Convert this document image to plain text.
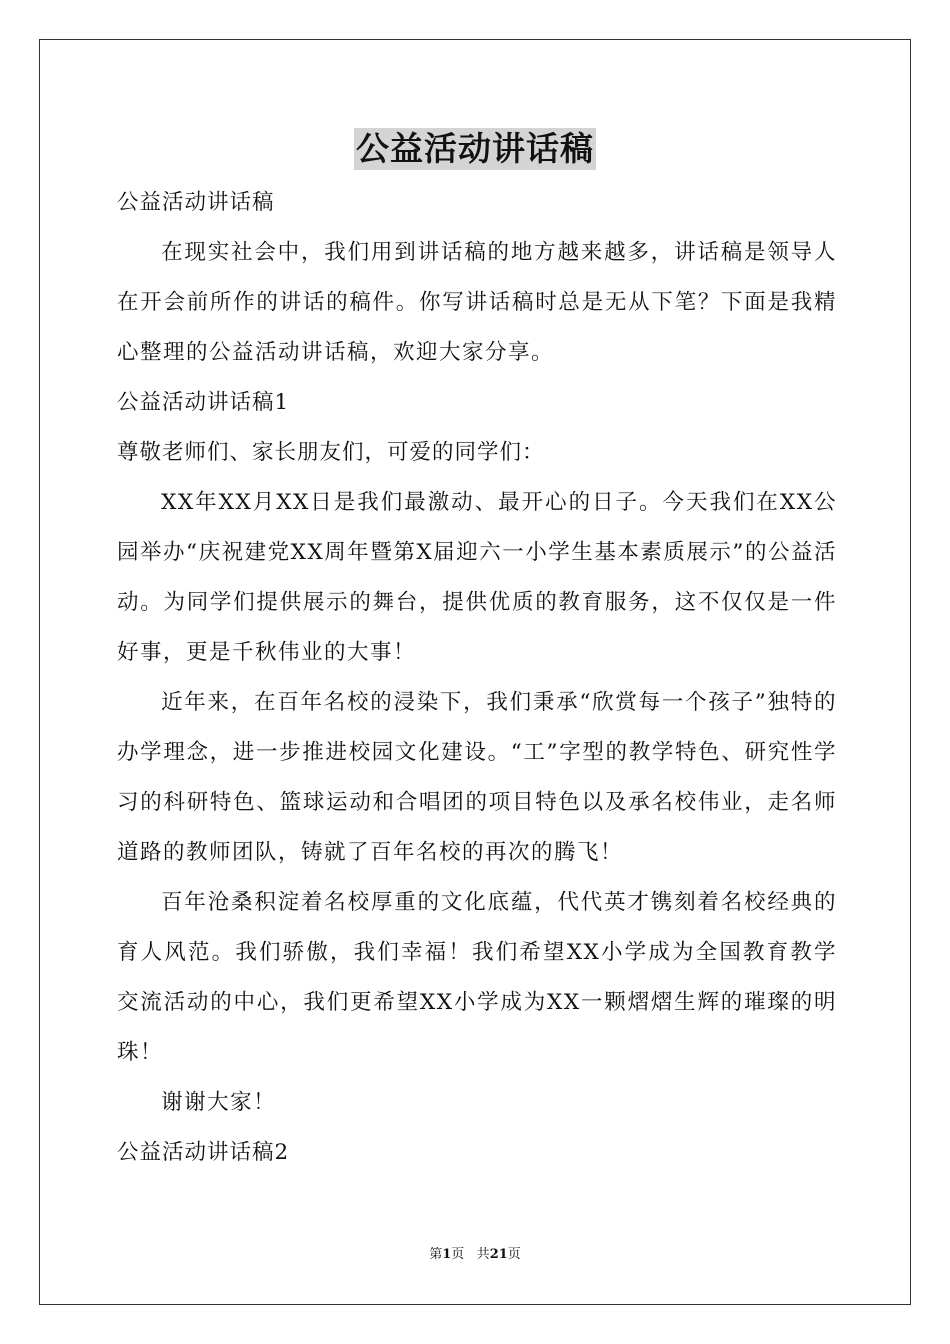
公益活动讲话稿

公益活动讲话稿

在现实社会中，我们用到讲话稿的地方越来越多，讲话稿是领导人在开会前所作的讲话的稿件。你写讲话稿时总是无从下笔？下面是我精心整理的公益活动讲话稿，欢迎大家分享。

公益活动讲话稿1

尊敬老师们、家长朋友们，可爱的同学们：

XX年XX月XX日是我们最激动、最开心的日子。今天我们在XX公园举办“庆祝建党XX周年暨第X届迎六一小学生基本素质展示”的公益活动。为同学们提供展示的舞台，提供优质的教育服务，这不仅仅是一件好事，更是千秋伟业的大事！

近年来，在百年名校的浸染下，我们秉承“欣赏每一个孩子”独特的办学理念，进一步推进校园文化建设。“工”字型的教学特色、研究性学习的科研特色、篮球运动和合唱团的项目特色以及承名校伟业，走名师道路的教师团队，铸就了百年名校的再次的腾飞！

百年沧桑积淀着名校厚重的文化底蕴，代代英才镌刻着名校经典的育人风范。我们骄傲，我们幸福！我们希望XX小学成为全国教育教学交流活动的中心，我们更希望XX小学成为XX一颗熠熠生辉的璀璨的明珠！

谢谢大家！

公益活动讲话稿2

第1页 共21页
